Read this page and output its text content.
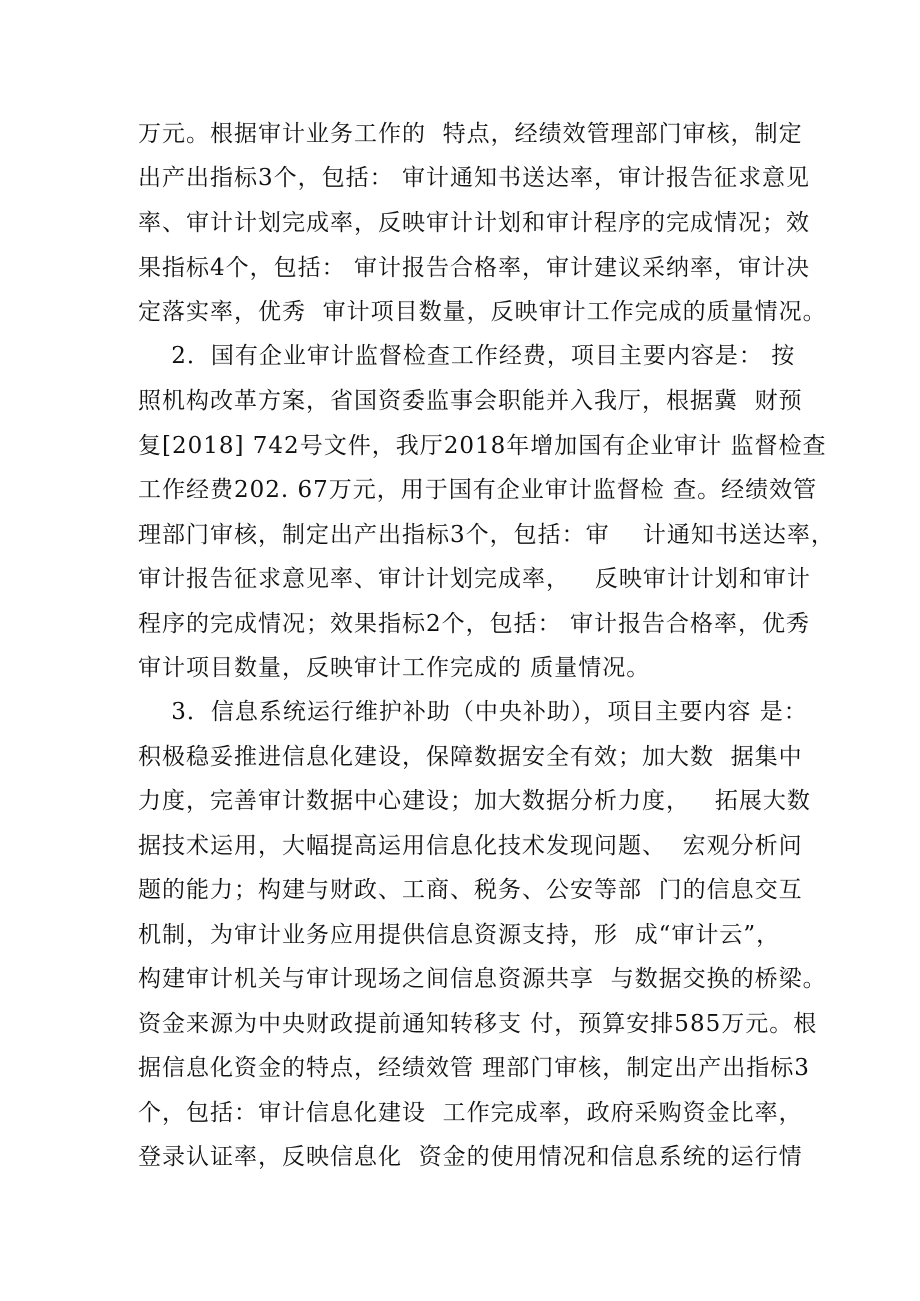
万元。根据审计业务工作的  特点，经绩效管理部门审核，制定
出产出指标3个，包括： 审计通知书送达率，审计报告征求意见
率、审计计划完成率，反映审计计划和审计程序的完成情况；效
果指标4个，包括： 审计报告合格率，审计建议采纳率，审计决
定落实率，优秀  审计项目数量，反映审计工作完成的质量情况。
2．国有企业审计监督检查工作经费，项目主要内容是： 按
照机构改革方案，省国资委监事会职能并入我厅，根据冀  财预
复[2018] 742号文件，我厅2018年增加国有企业审计 监督检查
工作经费202. 67万元，用于国有企业审计监督检 查。经绩效管
理部门审核，制定出产出指标3个，包括：审    计通知书送达率，
审计报告征求意见率、审计计划完成率，   反映审计计划和审计
程序的完成情况；效果指标2个，包括： 审计报告合格率，优秀
审计项目数量，反映审计工作完成的 质量情况。
3．信息系统运行维护补助（中央补助），项目主要内容 是：
积极稳妥推进信息化建设，保障数据安全有效；加大数  据集中
力度，完善审计数据中心建设；加大数据分析力度，   拓展大数
据技术运用，大幅提高运用信息化技术发现问题、  宏观分析问
题的能力；构建与财政、工商、税务、公安等部  门的信息交互
机制，为审计业务应用提供信息资源支持，形  成“审计云”，
构建审计机关与审计现场之间信息资源共享  与数据交换的桥梁。
资金来源为中央财政提前通知转移支 付，预算安排585万元。根
据信息化资金的特点，经绩效管 理部门审核，制定出产出指标3
个，包括：审计信息化建设  工作完成率，政府采购资金比率，
登录认证率，反映信息化  资金的使用情况和信息系统的运行情
